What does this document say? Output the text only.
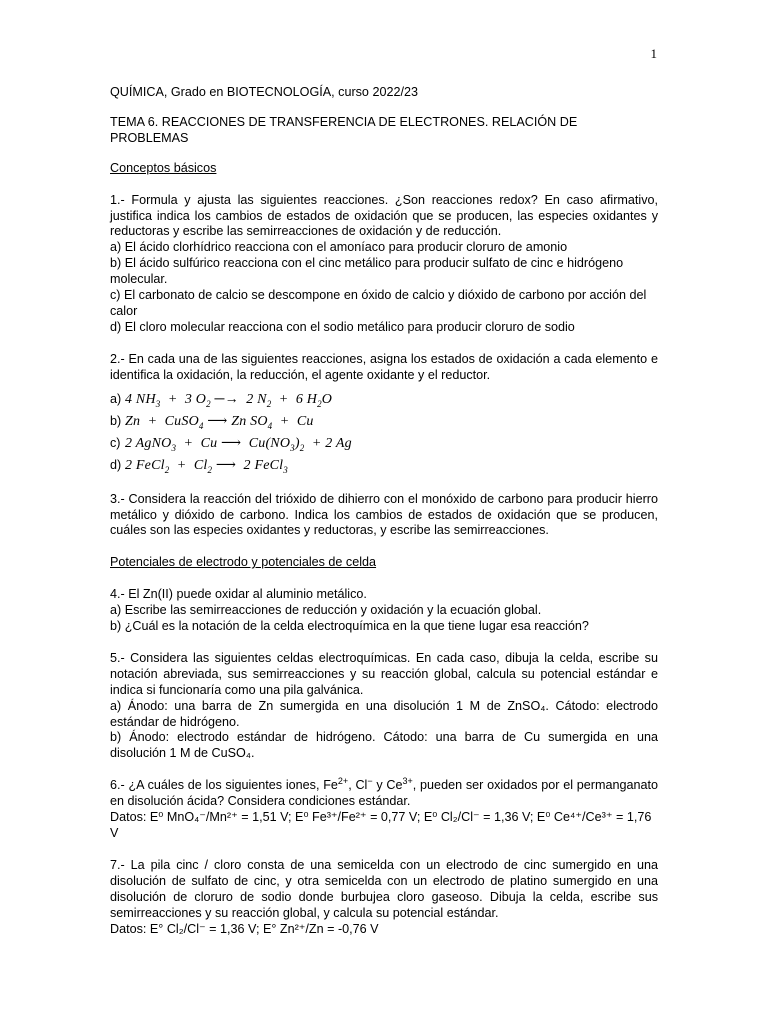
1

QUÍMICA, Grado en BIOTECNOLOGÍA, curso 2022/23

TEMA 6. REACCIONES DE TRANSFERENCIA DE ELECTRONES. RELACIÓN DE PROBLEMAS

Conceptos básicos

1.- Formula y ajusta las siguientes reacciones. ¿Son reacciones redox? En caso afirmativo, justifica indica los cambios de estados de oxidación que se producen, las especies oxidantes y reductoras y escribe las semirreacciones de oxidación y de reducción.

a) El ácido clorhídrico reacciona con el amoníaco para producir cloruro de amonio

b) El ácido sulfúrico reacciona con el cinc metálico para producir sulfato de cinc e hidrógeno molecular.

c) El carbonato de calcio se descompone en óxido de calcio y dióxido de carbono por acción del calor

d) El cloro molecular reacciona con el sodio metálico para producir cloruro de sodio

2.- En cada una de las siguientes reacciones, asigna los estados de oxidación a cada elemento e identifica la oxidación, la reducción, el agente oxidante y el reductor.

a) 4 $NH_3 + 3$ $O_2$ ─→  2 $N_2 + 6$ $H_2O$
b) Zn  +  CuSO$_4$ ⟶ Zn $SO_4 + Cu$
c) 2 AgNO$_3$  +  Cu ⟶  $Cu(NO_3)_2 + 2$ Ag
d) 2 FeCl$_2$  +  $Cl_2$ ⟶  2 FeCl$_3$

3.- Considera la reacción del trióxido de dihierro con el monóxido de carbono para producir hierro metálico y dióxido de carbono. Indica los cambios de estados de oxidación que se producen, cuáles son las especies oxidantes y reductoras, y escribe las semirreacciones.

Potenciales de electrodo y potenciales de celda

4.- El Zn(II) puede oxidar al aluminio metálico.

a) Escribe las semirreacciones de reducción y oxidación y la ecuación global.

b) ¿Cuál es la notación de la celda electroquímica en la que tiene lugar esa reacción?

5.- Considera las siguientes celdas electroquímicas. En cada caso, dibuja la celda, escribe su notación abreviada, sus semirreacciones y su reacción global, calcula su potencial estándar e indica si funcionaría como una pila galvánica.

a) Ánodo: una barra de Zn sumergida en una disolución 1 M de ZnSO₄. Cátodo: electrodo estándar de hidrógeno.

b) Ánodo: electrodo estándar de hidrógeno. Cátodo: una barra de Cu sumergida en una disolución 1 M de CuSO₄.

6.- ¿A cuáles de los siguientes iones, $Fe^{2+}$, Cl− y $Ce^{3+}$, pueden ser oxidados por el permanganato en disolución ácida? Considera condiciones estándar.

Datos: E⁰ MnO₄⁻/Mn²⁺ = 1,51 V; E⁰ Fe³⁺/Fe²⁺ = 0,77 V; E⁰ Cl₂/Cl⁻ = 1,36 V; E⁰ Ce⁴⁺/Ce³⁺ = 1,76 V

7.- La pila cinc / cloro consta de una semicelda con un electrodo de cinc sumergido en una disolución de sulfato de cinc, y otra semicelda con un electrodo de platino sumergido en una disolución de cloruro de sodio donde burbujea cloro gaseoso. Dibuja la celda, escribe sus semirreacciones y su reacción global, y calcula su potencial estándar.

Datos: E° Cl₂/Cl⁻ = 1,36 V; E° Zn²⁺/Zn = -0,76 V
